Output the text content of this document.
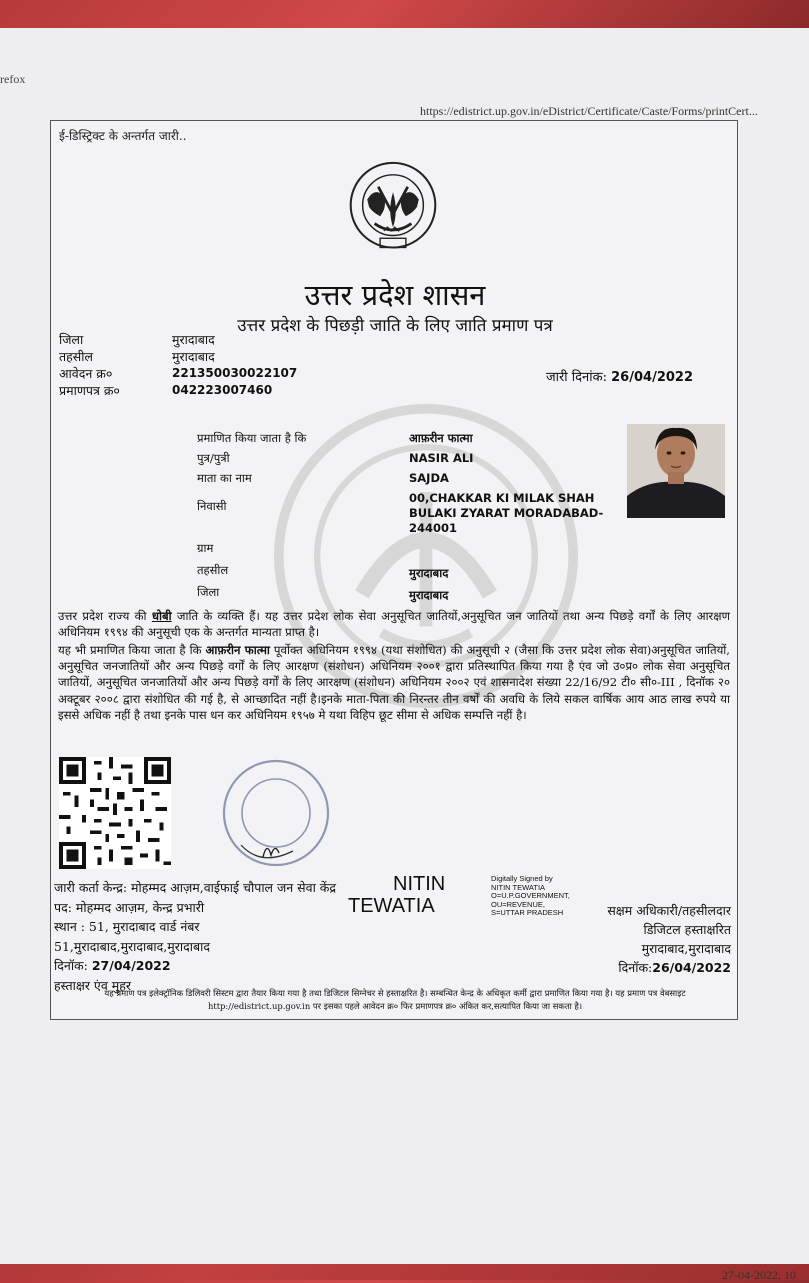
refox
https://edistrict.up.gov.in/eDistrict/Certificate/Caste/Forms/printCert...
ई-डिस्ट्रिक्ट के अन्तर्गत जारी..
उत्तर प्रदेश शासन
उत्तर प्रदेश के पिछड़ी जाति के लिए जाति प्रमाण पत्र
जिला	मुरादाबाद
तहसील	मुरादाबाद
आवेदन क्र०	221350030022107
प्रमाणपत्र क्र०	042223007460
जारी दिनांक: 26/04/2022
प्रमाणित किया जाता है कि	आफ़रीन फात्मा
पुत्र/पुत्री	NASIR ALI
माता का नाम	SAJDA
निवासी
00,CHAKKAR KI MILAK SHAH BULAKI ZYARAT MORADABAD-244001
ग्राम
तहसील	मुरादाबाद
जिला	मुरादाबाद
उत्तर प्रदेश राज्य की धोबी जाति के व्यक्ति हैं। यह उत्तर प्रदेश लोक सेवा अनुसूचित जातियों,अनुसूचित जन जातियों तथा अन्य पिछड़े वर्गों के लिए आरक्षण अधिनियम १९९४ की अनुसूची एक के अन्तर्गत मान्यता प्राप्त है।
यह भी प्रमाणित किया जाता है कि आफ़रीन फात्मा पूर्वोक्त अधिनियम १९९४ (यथा संशोधित) की अनुसूची २ (जैसा कि उत्तर प्रदेश लोक सेवा)अनुसूचित जातियों, अनुसूचित जनजातियों और अन्य पिछड़े वर्गों के लिए आरक्षण (संशोधन) अधिनियम २००१ द्वारा प्रतिस्थापित किया गया है एंव जो उ०प्र० लोक सेवा अनुसूचित जातियों, अनुसूचित जनजातियों और अन्य पिछड़े वर्गों के लिए आरक्षण (संशोधन) अधिनियम २००२ एवं शासनादेश संख्या 22/16/92 टी० सी०-III , दिनॉक २० अक्टूबर २००८ द्वारा संशोधित की गई है, से आच्छादित नहीं है।इनके माता-पिता की निरन्तर तीन वर्षों की अवधि के लिये सकल वार्षिक आय आठ लाख रुपये या इससे अधिक नहीं है तथा इनके पास धन कर अधिनियम १९५७ मे यथा विहिप छूट सीमा से अधिक सम्पत्ति नहीं है।
जारी कर्ता केन्द्र: मोहम्मद आज़म,वाईफाई चौपाल जन सेवा केंद्र
पद: मोहम्मद आज़म, केन्द्र प्रभारी
स्थान : 51, मुरादाबाद वार्ड नंबर
51,मुरादाबाद,मुरादाबाद,मुरादाबाद
दिनॉक: 27/04/2022
हस्ताक्षर एंव मुहर
NITIN
TEWATIA
Digitally Signed by
NITIN TEWATIA
O=U.P.GOVERNMENT,
OU=REVENUE,
S=UTTAR PRADESH	सक्षम अधिकारी/तहसीलदार
डिजिटल हस्ताक्षरित
मुरादाबाद,मुरादाबाद
दिनॉक:26/04/2022
यह प्रमाण पत्र इलेक्ट्रॉनिक डिलिवरी सिस्टम द्वारा तैयार किया गया है तथा डिजिटल सिग्नेचर से हस्ताक्षरित है। सम्बन्धित केन्द्र के अधिकृत कर्मी द्वारा प्रमाणित किया गया है। यह प्रमाण पत्र वेबसाइट http://edistrict.up.gov.in पर इसका पहले आवेदन क्र० फिर प्रमाणपत्र क्र० अंकित कर,सत्यापित किया जा सकता है।
27-04-2022, 10
